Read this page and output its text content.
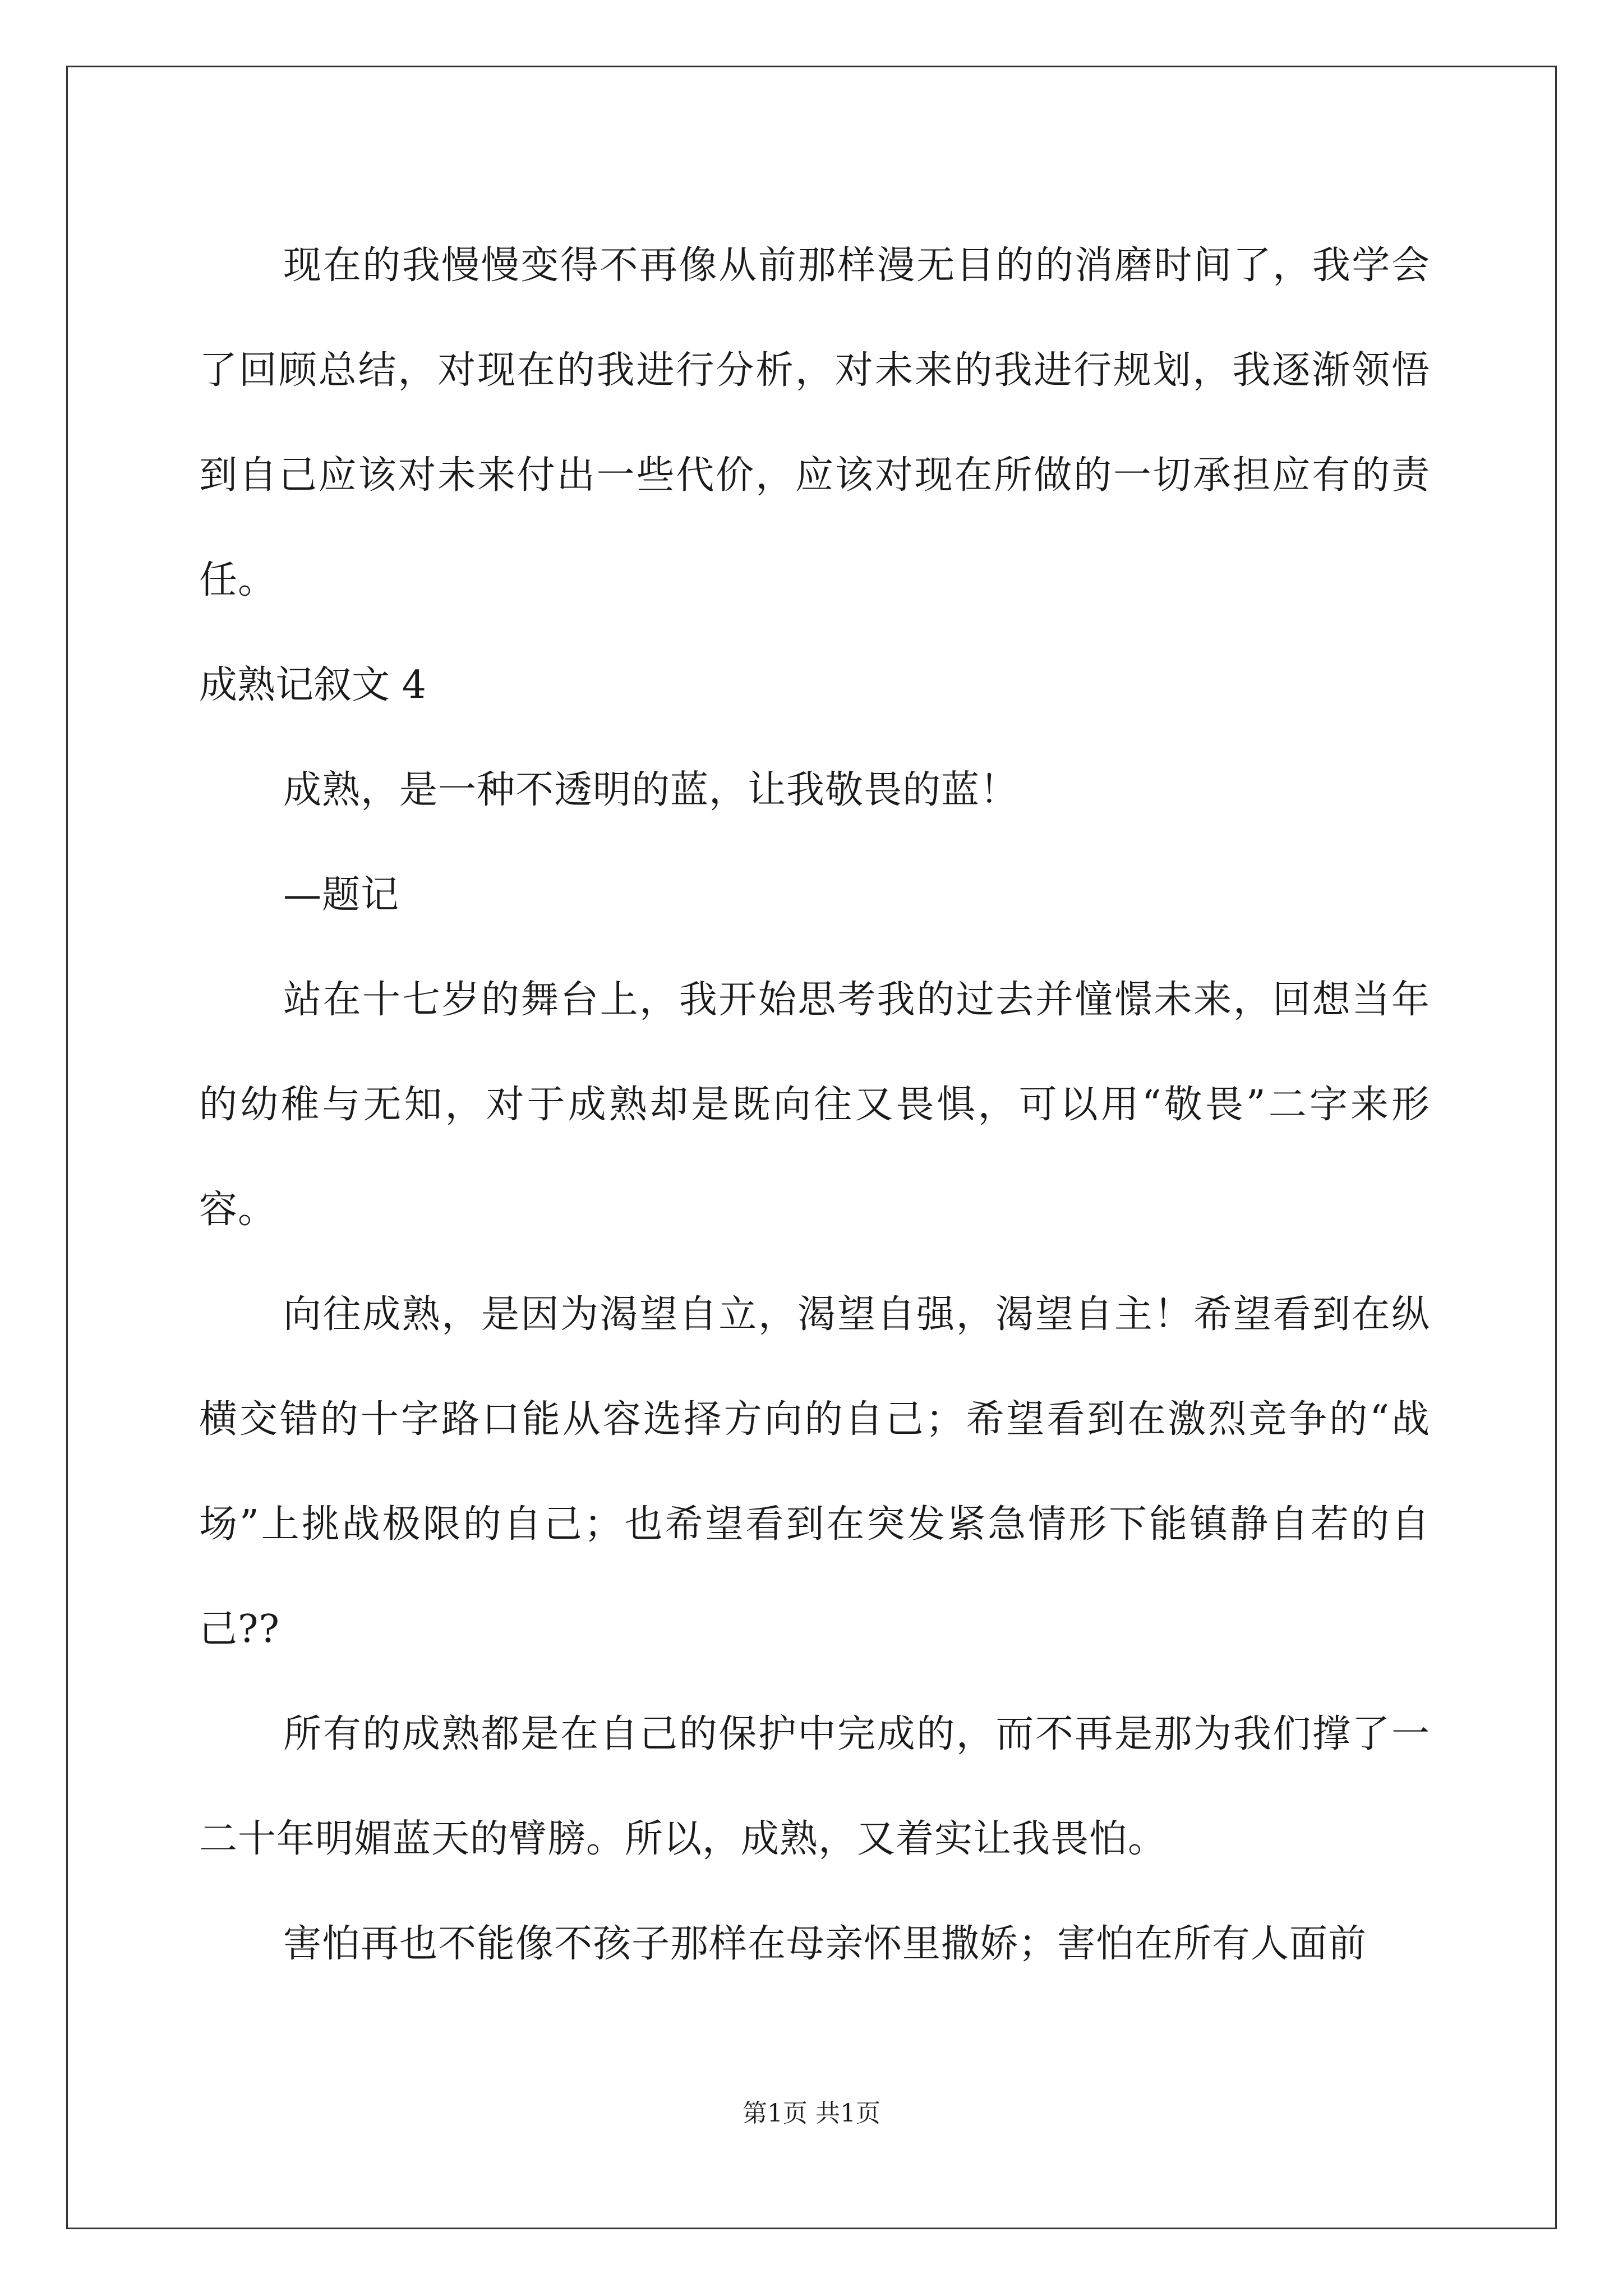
现在的我慢慢变得不再像从前那样漫无目的的消磨时间了，我学会了回顾总结，对现在的我进行分析，对未来的我进行规划，我逐渐领悟到自己应该对未来付出一些代价，应该对现在所做的一切承担应有的责任。

成熟记叙文 4

成熟，是一种不透明的蓝，让我敬畏的蓝！

—题记

站在十七岁的舞台上，我开始思考我的过去并憧憬未来，回想当年的幼稚与无知，对于成熟却是既向往又畏惧，可以用“敬畏”二字来形容。

向往成熟，是因为渴望自立，渴望自强，渴望自主！希望看到在纵横交错的十字路口能从容选择方向的自己；希望看到在激烈竞争的“战场”上挑战极限的自己；也希望看到在突发紧急情形下能镇静自若的自己??

所有的成熟都是在自己的保护中完成的，而不再是那为我们撑了一二十年明媚蓝天的臂膀。所以，成熟，又着实让我畏怕。

害怕再也不能像不孩子那样在母亲怀里撒娇；害怕在所有人面前

第1页 共1页
